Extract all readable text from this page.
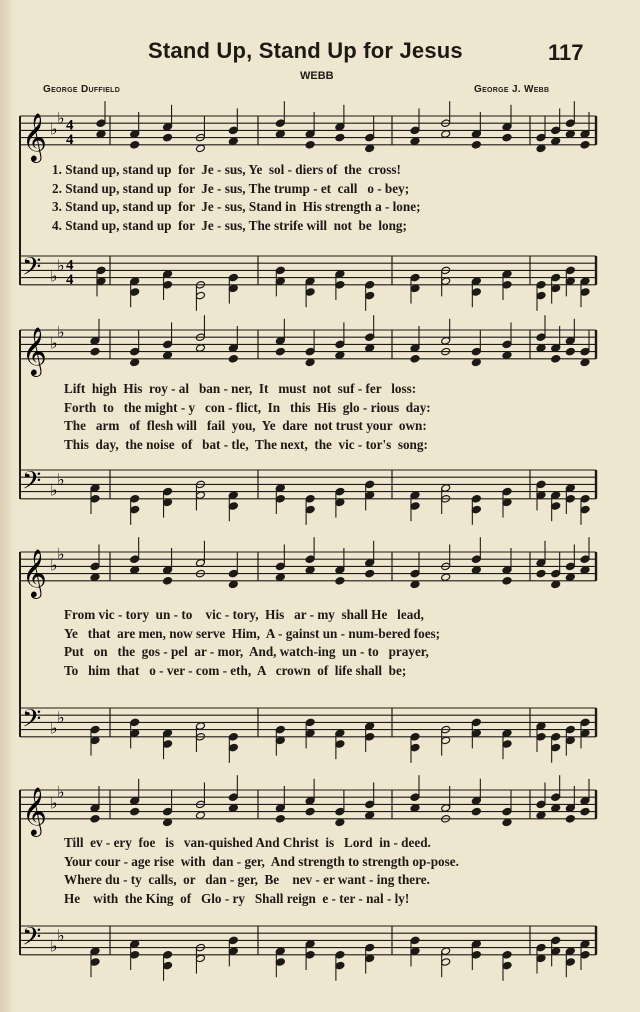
Stand Up, Stand Up for Jesus	117
WEBB
George Duffield	George J. Webb
𝄞 ♭
♭ 4
4
𝄢 ♭
♭ 4
4
1. Stand up, stand up  for  Je - sus, Ye  sol - diers of  the  cross!
2. Stand up, stand up  for  Je - sus, The trump - et  call   o - bey;
3. Stand up, stand up  for  Je - sus, Stand in  His strength a - lone;
4. Stand up, stand up  for  Je - sus, The strife will  not  be  long;
𝄞 ♭
♭
𝄢 ♭
♭
Lift  high  His  roy - al   ban - ner,  It   must  not  suf - fer   loss:
Forth  to   the might - y   con - flict,  In   this  His  glo - rious  day:
The   arm   of  flesh will   fail  you,  Ye  dare  not trust your  own:
This  day,  the noise  of   bat - tle,  The next,  the  vic - tor's  song:
𝄞 ♭
♭
𝄢 ♭
♭
From vic - tory  un - to    vic - tory,  His   ar - my  shall He   lead,
Ye   that  are men, now serve  Him,  A - gainst un - num-bered foes;
Put   on   the  gos - pel  ar - mor,  And, watch-ing  un - to   prayer,
To   him  that   o - ver - com - eth,  A   crown  of  life shall  be;
𝄞 ♭
♭
𝄢 ♭
♭
Till  ev - ery  foe   is   van-quished And Christ  is   Lord  in - deed.
Your cour - age rise  with  dan - ger,  And strength to strength op-pose.
Where du - ty  calls,  or   dan - ger,  Be    nev - er want - ing there.
He    with  the King  of   Glo - ry   Shall reign  e - ter - nal - ly!
